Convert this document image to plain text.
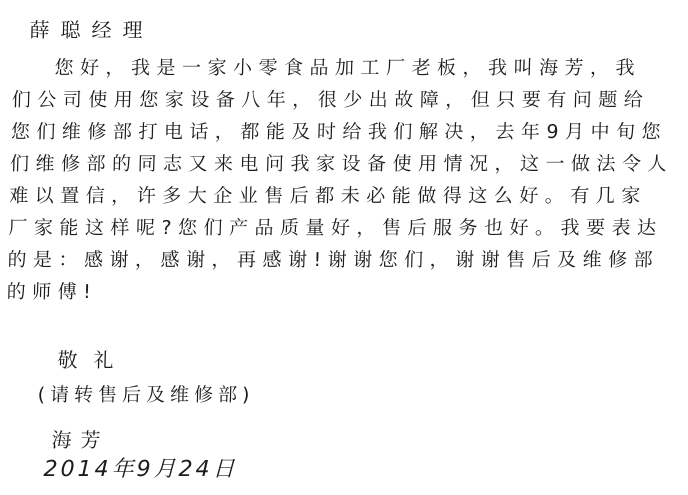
薛聪经理
您好，我是一家小零食品加工厂老板，我叫海芳，我
们公司使用您家设备八年，很少出故障，但只要有问题给
您们维修部打电话，都能及时给我们解决，去年9月中旬您
们维修部的同志又来电问我家设备使用情况，这一做法令人
难以置信，许多大企业售后都未必能做得这么好。有几家
厂家能这样呢?您们产品质量好，售后服务也好。我要表达
的是：感谢，感谢，再感谢!谢谢您们，谢谢售后及维修部
的师傅!
敬礼
(请转售后及维修部)
海芳
2014年9月24日
